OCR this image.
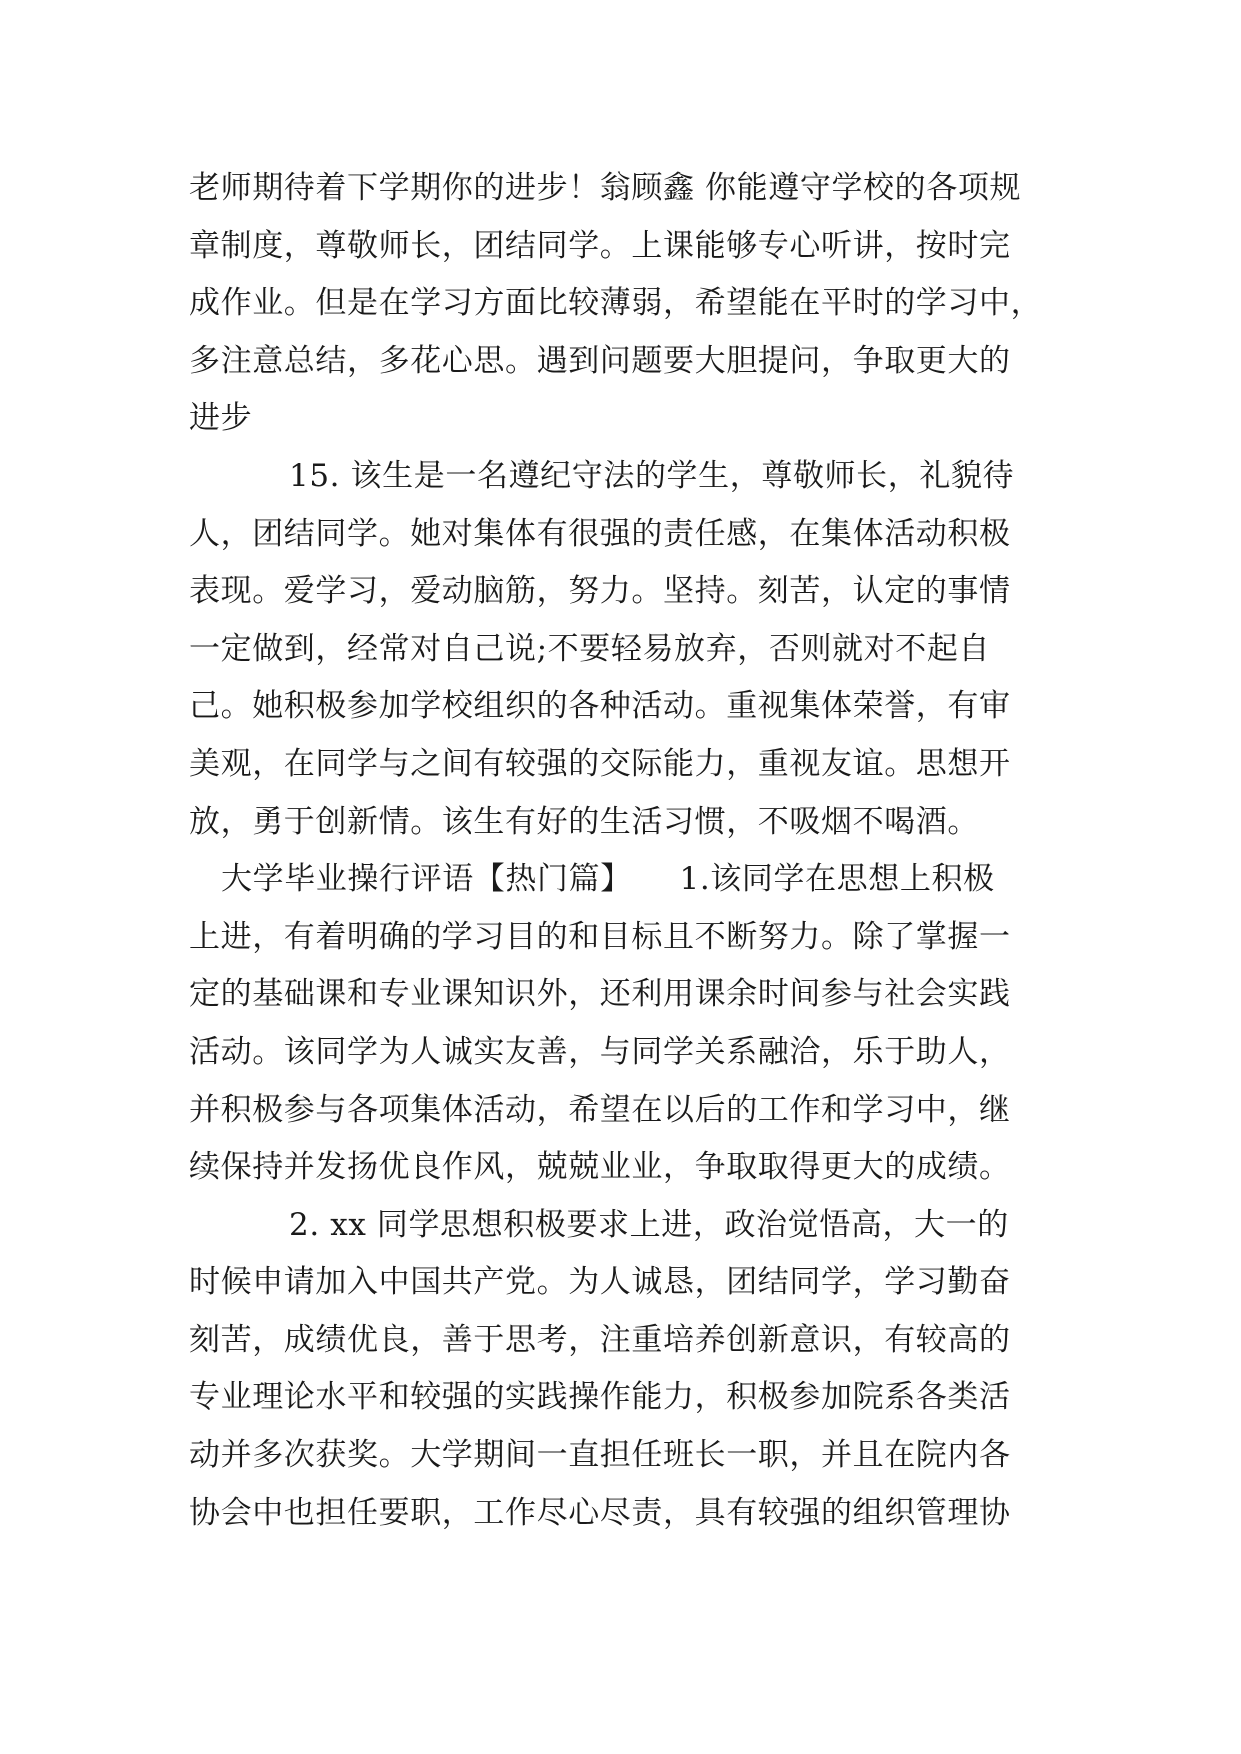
老师期待着下学期你的进步！翁顾鑫 你能遵守学校的各项规
章制度，尊敬师长，团结同学。上课能够专心听讲，按时完
成作业。但是在学习方面比较薄弱，希望能在平时的学习中，
多注意总结，多花心思。遇到问题要大胆提问，争取更大的
进步
15. 该生是一名遵纪守法的学生，尊敬师长，礼貌待
人，团结同学。她对集体有很强的责任感，在集体活动积极
表现。爱学习，爱动脑筋，努力。坚持。刻苦，认定的事情
一定做到，经常对自己说;不要轻易放弃，否则就对不起自
己。她积极参加学校组织的各种活动。重视集体荣誉，有审
美观，在同学与之间有较强的交际能力，重视友谊。思想开
放，勇于创新情。该生有好的生活习惯，不吸烟不喝酒。
大学毕业操行评语【热门篇】　　1.该同学在思想上积极
上进，有着明确的学习目的和目标且不断努力。除了掌握一
定的基础课和专业课知识外，还利用课余时间参与社会实践
活动。该同学为人诚实友善，与同学关系融洽，乐于助人，
并积极参与各项集体活动，希望在以后的工作和学习中，继
续保持并发扬优良作风，兢兢业业，争取取得更大的成绩。
2. xx 同学思想积极要求上进，政治觉悟高，大一的
时候申请加入中国共产党。为人诚恳，团结同学，学习勤奋
刻苦，成绩优良，善于思考，注重培养创新意识，有较高的
专业理论水平和较强的实践操作能力，积极参加院系各类活
动并多次获奖。大学期间一直担任班长一职，并且在院内各
协会中也担任要职，工作尽心尽责，具有较强的组织管理协
